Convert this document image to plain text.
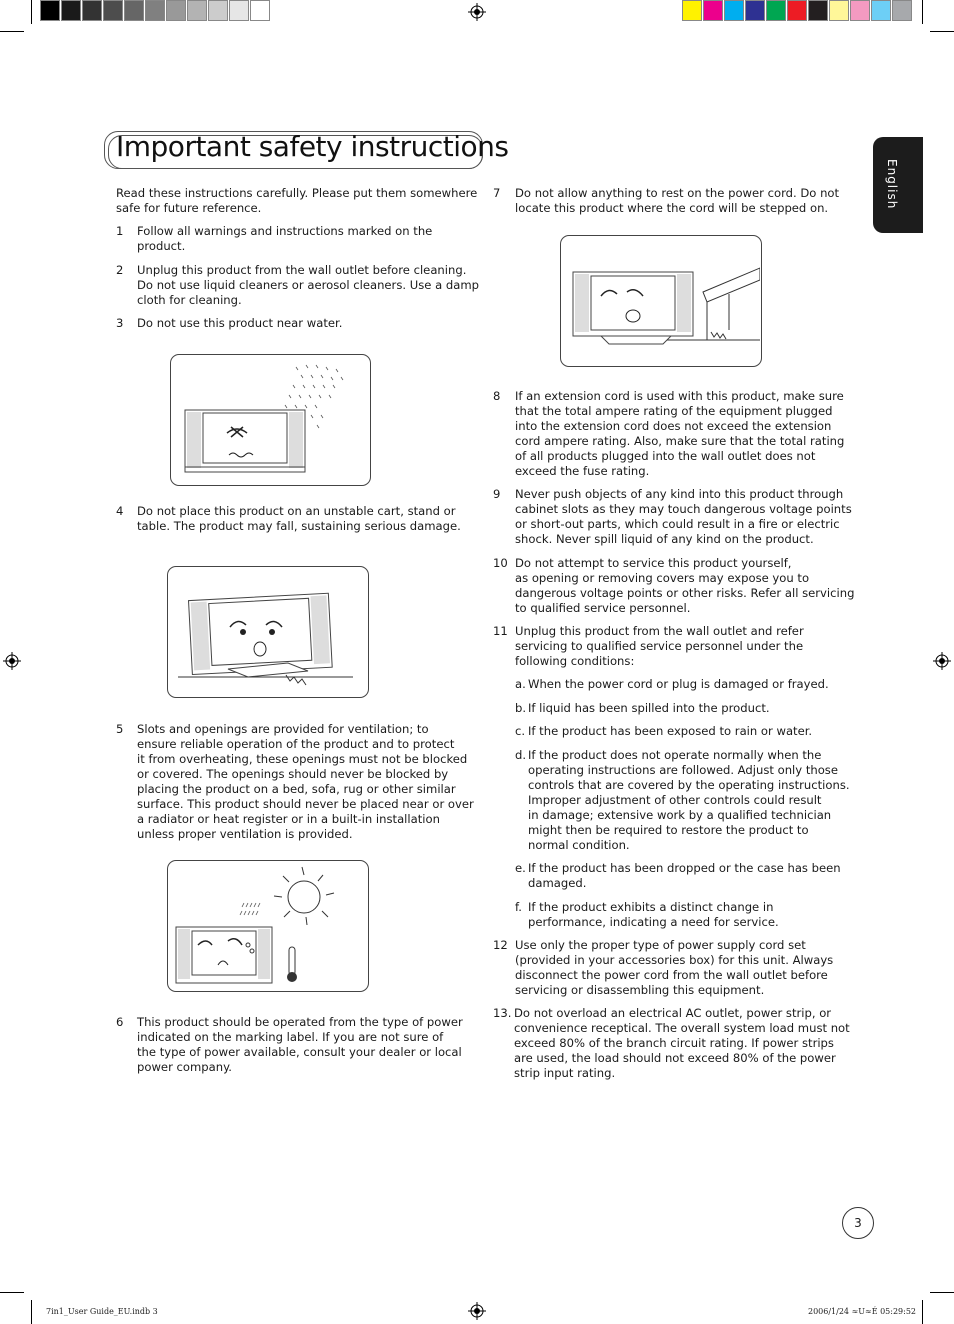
Important safety instructions
English
Read these instructions carefully. Please put them somewhere
safe for future reference.
1 Follow all warnings and instructions marked on the
product.
2 Unplug this product from the wall outlet before cleaning.
Do not use liquid cleaners or aerosol cleaners. Use a damp
cloth for cleaning.
3 Do not use this product near water.
4 Do not place this product on an unstable cart, stand or
table. The product may fall, sustaining serious damage.
5 Slots and openings are provided for ventilation; to
ensure reliable operation of the product and to protect
it from overheating, these openings must not be blocked
or covered. The openings should never be blocked by
placing the product on a bed, sofa, rug or other similar
surface. This product should never be placed near or over
a radiator or heat register or in a built-in installation
unless proper ventilation is provided.
6 This product should be operated from the type of power
indicated on the marking label. If you are not sure of
the type of power available, consult your dealer or local
power company.
7 Do not allow anything to rest on the power cord. Do not
locate this product where the cord will be stepped on.
8 If an extension cord is used with this product, make sure
that the total ampere rating of the equipment plugged
into the extension cord does not exceed the extension
cord ampere rating. Also, make sure that the total rating
of all products plugged into the wall outlet does not
exceed the fuse rating.
9 Never push objects of any kind into this product through
cabinet slots as they may touch dangerous voltage points
or short-out parts, which could result in a fire or electric
shock. Never spill liquid of any kind on the product.
10 Do not attempt to service this product yourself,
as opening or removing covers may expose you to
dangerous voltage points or other risks. Refer all servicing
to qualified service personnel.
11 Unplug this product from the wall outlet and refer
servicing to qualified service personnel under the
following conditions:
a. When the power cord or plug is damaged or frayed.
b. If liquid has been spilled into the product.
c. If the product has been exposed to rain or water.
d. If the product does not operate normally when the
operating instructions are followed. Adjust only those
controls that are covered by the operating instructions.
Improper adjustment of other controls could result
in damage; extensive work by a qualified technician
might then be required to restore the product to
normal condition.
e. If the product has been dropped or the case has been
damaged.
f. If the product exhibits a distinct change in
performance, indicating a need for service.
12 Use only the proper type of power supply cord set
(provided in your accessories box) for this unit. Always
disconnect the power cord from the wall outlet before
servicing or disassembling this equipment.
13. Do not overload an electrical AC outlet, power strip, or
convenience receptical. The overall system load must not
exceed 80% of the branch circuit rating. If power strips
are used, the load should not exceed 80% of the power
strip input rating.
3
7in1_User Guide_EU.indb 3	2006/1/24 ≈U≈É 05:29:52
